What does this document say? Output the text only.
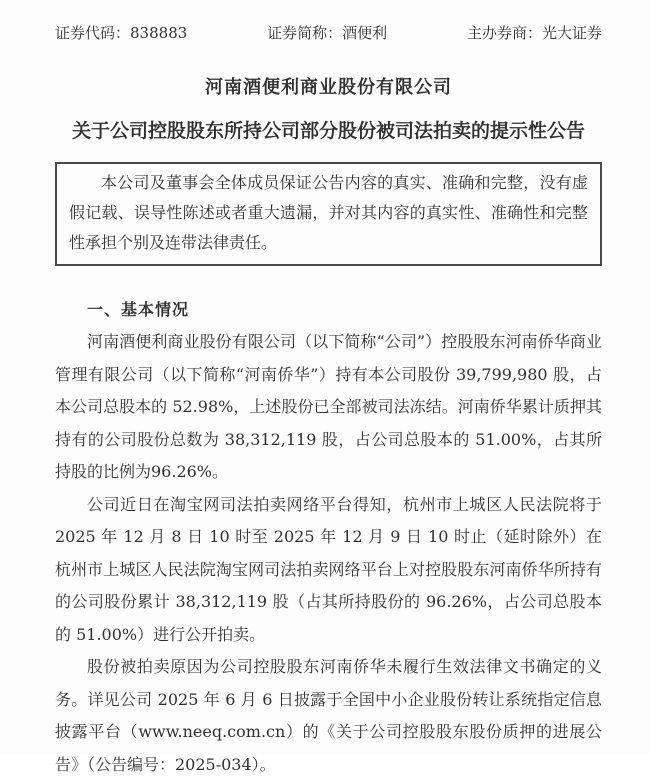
证券代码：838883	证券简称：酒便利	主办券商：光大证券
河南酒便利商业股份有限公司
关于公司控股股东所持公司部分股份被司法拍卖的提示性公告

本公司及董事会全体成员保证公告内容的真实、准确和完整，没有虚假记载、误导性陈述或者重大遗漏，并对其内容的真实性、准确性和完整性承担个别及连带法律责任。

一、基本情况

河南酒便利商业股份有限公司（以下简称“公司”）控股股东河南侨华商业管理有限公司（以下简称“河南侨华”）持有本公司股份 39,799,980 股，占本公司总股本的 52.98%，上述股份已全部被司法冻结。河南侨华累计质押其持有的公司股份总数为 38,312,119 股，占公司总股本的 51.00%，占其所持股的比例为96.26%。

公司近日在淘宝网司法拍卖网络平台得知，杭州市上城区人民法院将于2025 年 12 月 8 日 10 时至 2025 年 12 月 9 日 10 时止（延时除外）在杭州市上城区人民法院淘宝网司法拍卖网络平台上对控股股东河南侨华所持有的公司股份累计 38,312,119 股（占其所持股份的 96.26%，占公司总股本的 51.00%）进行公开拍卖。

股份被拍卖原因为公司控股股东河南侨华未履行生效法律文书确定的义务。详见公司 2025 年 6 月 6 日披露于全国中小企业股份转让系统指定信息披露平台（www.neeq.com.cn）的《关于公司控股股东股份质押的进展公告》（公告编号：2025-034）。
